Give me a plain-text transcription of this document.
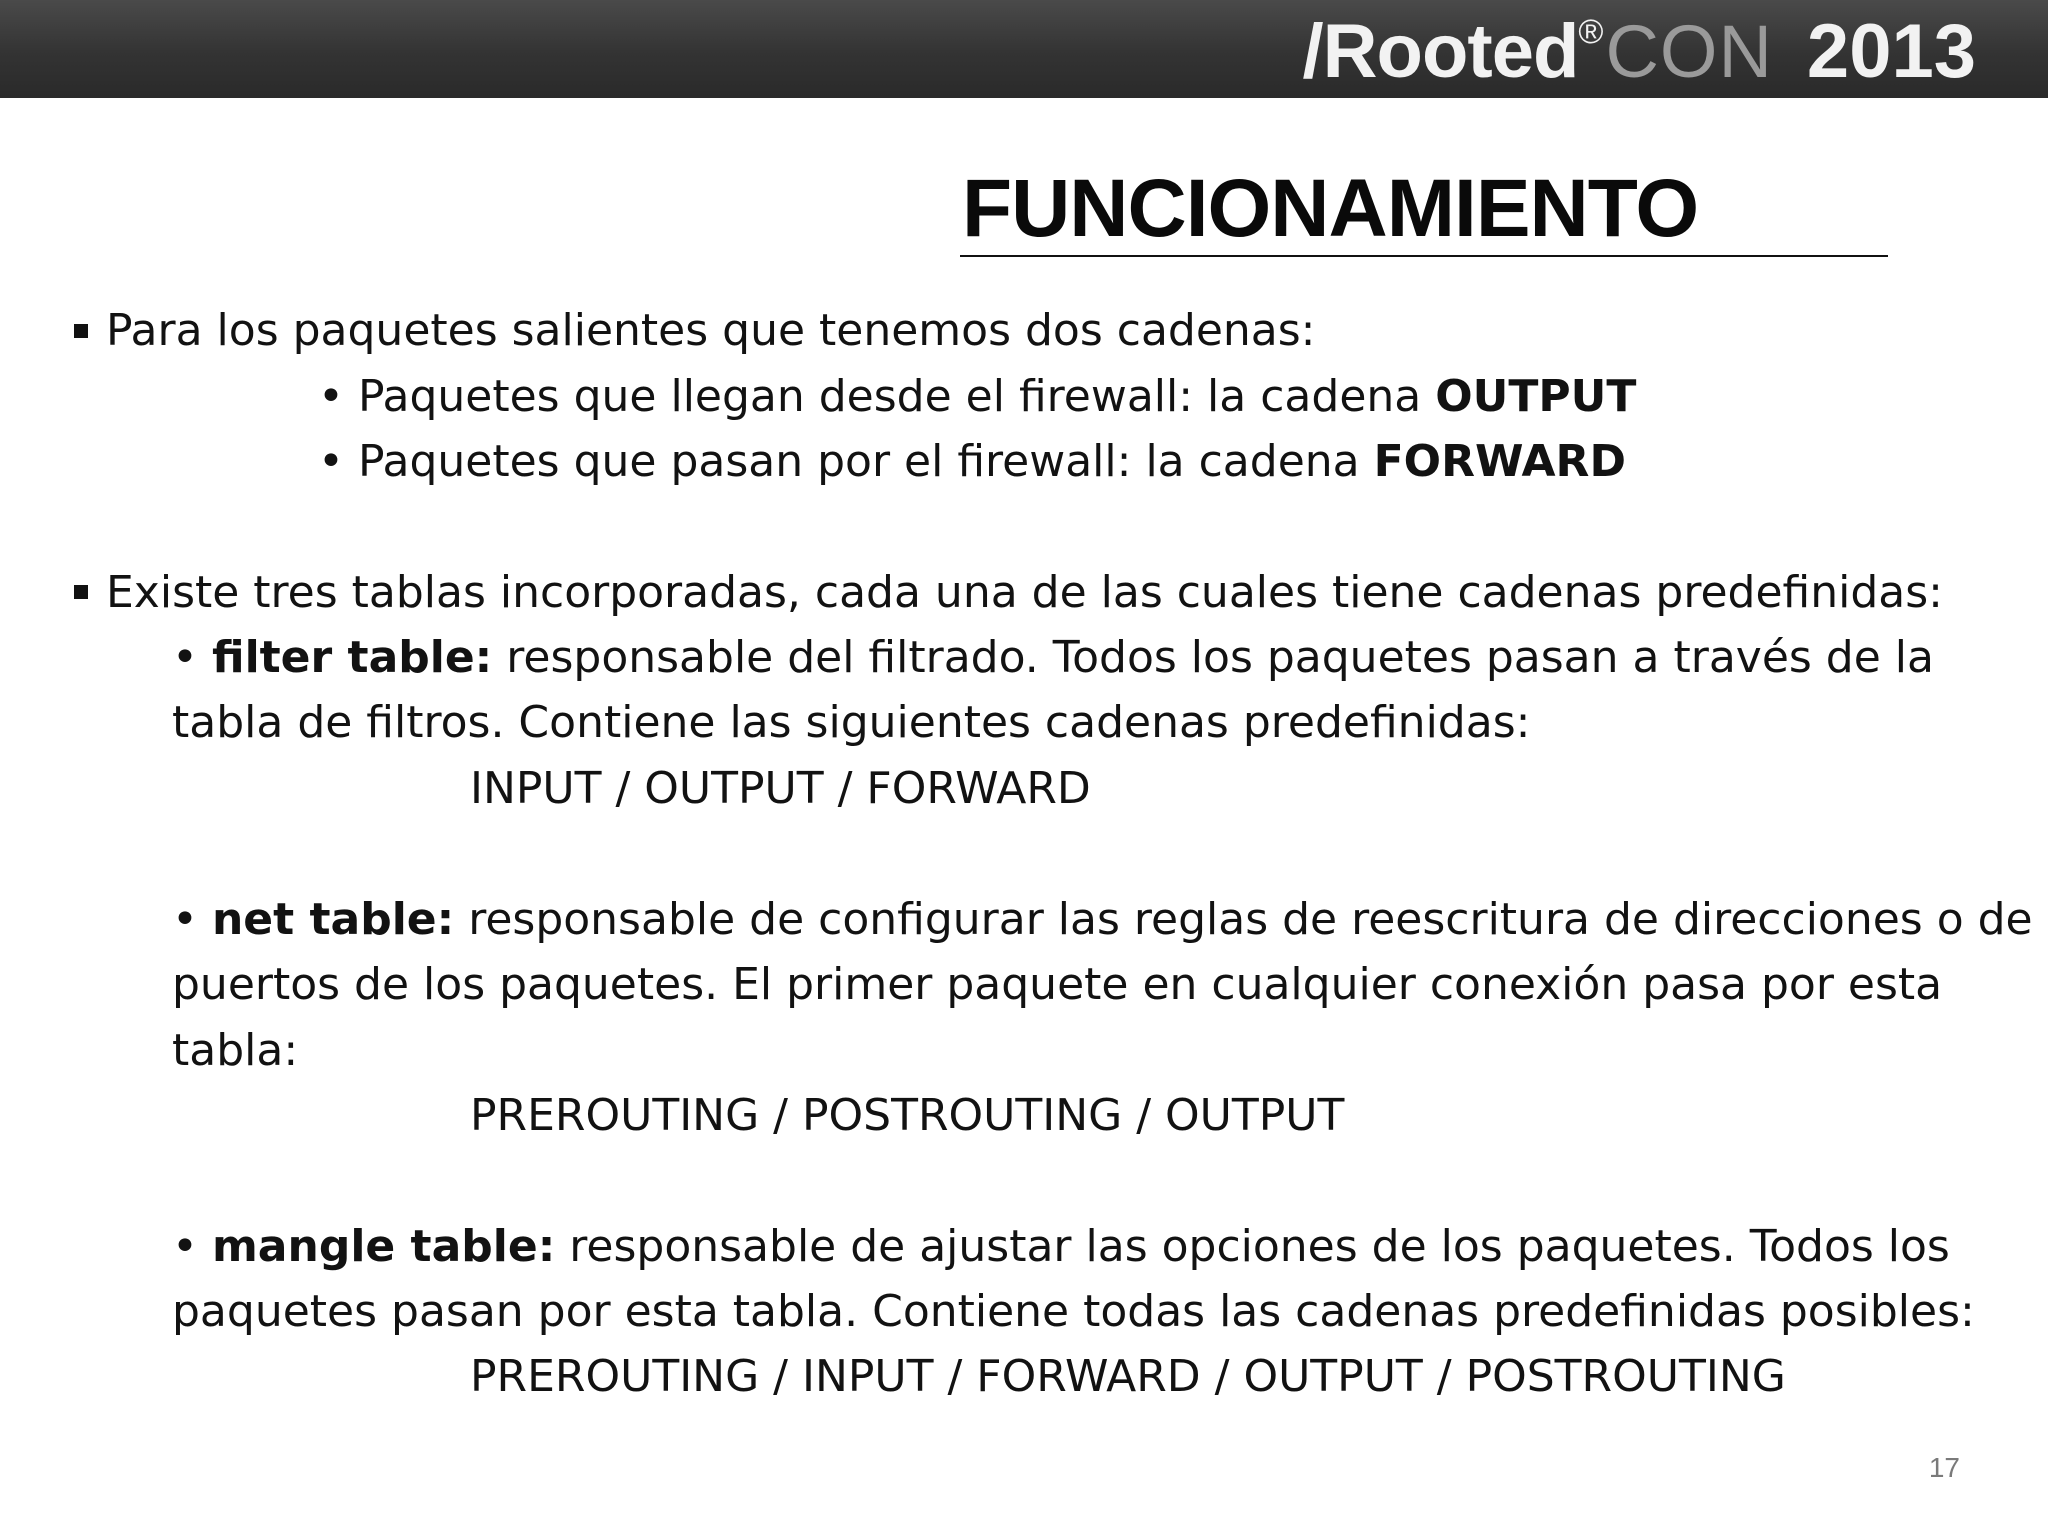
/Rooted ® CON 2013
FUNCIONAMIENTO
Para los paquetes salientes que tenemos dos cadenas:
• Paquetes que llegan desde el firewall: la cadena OUTPUT
• Paquetes que pasan por el firewall: la cadena FORWARD
Existe tres tablas incorporadas, cada una de las cuales tiene cadenas predefinidas:
• filter table: responsable del filtrado. Todos los paquetes pasan a través de la
tabla de filtros. Contiene las siguientes cadenas predefinidas:
INPUT / OUTPUT / FORWARD
• net table: responsable de configurar las reglas de reescritura de direcciones o de
puertos de los paquetes. El primer paquete en cualquier conexión pasa por esta
tabla:
PREROUTING / POSTROUTING / OUTPUT
• mangle table: responsable de ajustar las opciones de los paquetes. Todos los
paquetes pasan por esta tabla. Contiene todas las cadenas predefinidas posibles:
PREROUTING / INPUT / FORWARD / OUTPUT / POSTROUTING
17
